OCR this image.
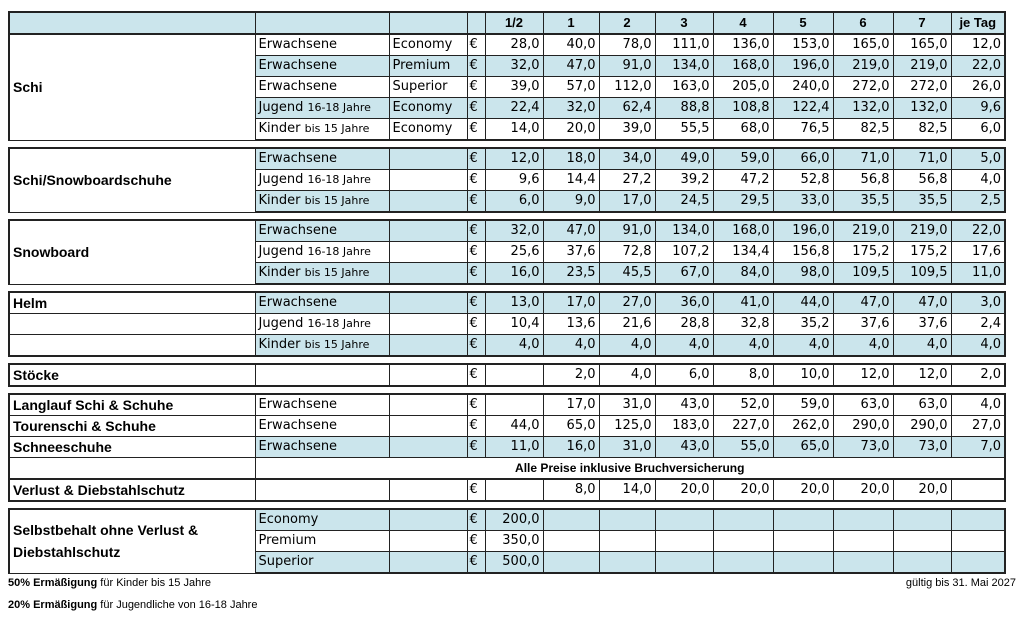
				1/2	1	2	3	4	5	6	7	je Tag
Schi	Erwachsene	Economy	€	28,0	40,0	78,0	111,0	136,0	153,0	165,0	165,0	12,0
	Erwachsene	Premium	€	32,0	47,0	91,0	134,0	168,0	196,0	219,0	219,0	22,0
	Erwachsene	Superior	€	39,0	57,0	112,0	163,0	205,0	240,0	272,0	272,0	26,0
	Jugend 16-18 Jahre	Economy	€	22,4	32,0	62,4	88,8	108,8	122,4	132,0	132,0	9,6
	Kinder bis 15 Jahre	Economy	€	14,0	20,0	39,0	55,5	68,0	76,5	82,5	82,5	6,0

Schi/Snowboardschuhe	Erwachsene		€	12,0	18,0	34,0	49,0	59,0	66,0	71,0	71,0	5,0
	Jugend 16-18 Jahre		€	9,6	14,4	27,2	39,2	47,2	52,8	56,8	56,8	4,0
	Kinder bis 15 Jahre		€	6,0	9,0	17,0	24,5	29,5	33,0	35,5	35,5	2,5

Snowboard	Erwachsene		€	32,0	47,0	91,0	134,0	168,0	196,0	219,0	219,0	22,0
	Jugend 16-18 Jahre		€	25,6	37,6	72,8	107,2	134,4	156,8	175,2	175,2	17,6
	Kinder bis 15 Jahre		€	16,0	23,5	45,5	67,0	84,0	98,0	109,5	109,5	11,0

Helm	Erwachsene		€	13,0	17,0	27,0	36,0	41,0	44,0	47,0	47,0	3,0
	Jugend 16-18 Jahre		€	10,4	13,6	21,6	28,8	32,8	35,2	37,6	37,6	2,4
	Kinder bis 15 Jahre		€	4,0	4,0	4,0	4,0	4,0	4,0	4,0	4,0	4,0

Stöcke			€		2,0	4,0	6,0	8,0	10,0	12,0	12,0	2,0

Langlauf Schi & Schuhe	Erwachsene		€		17,0	31,0	43,0	52,0	59,0	63,0	63,0	4,0
Tourenschi & Schuhe	Erwachsene		€	44,0	65,0	125,0	183,0	227,0	262,0	290,0	290,0	27,0
Schneeschuhe	Erwachsene		€	11,0	16,0	31,0	43,0	55,0	65,0	73,0	73,0	7,0
	Alle Preise inklusive Bruchversicherung											
Verlust & Diebstahlschutz			€		8,0	14,0	20,0	20,0	20,0	20,0	20,0	

Selbstbehalt ohne Verlust & Diebstahlschutz	Economy		€	200,0								
	Premium		€	350,0								
	Superior		€	500,0								
50% Ermäßigung für Kinder bis 15 Jahre
20% Ermäßigung für Jugendliche von 16-18 Jahre
gültig bis 31. Mai 2027
